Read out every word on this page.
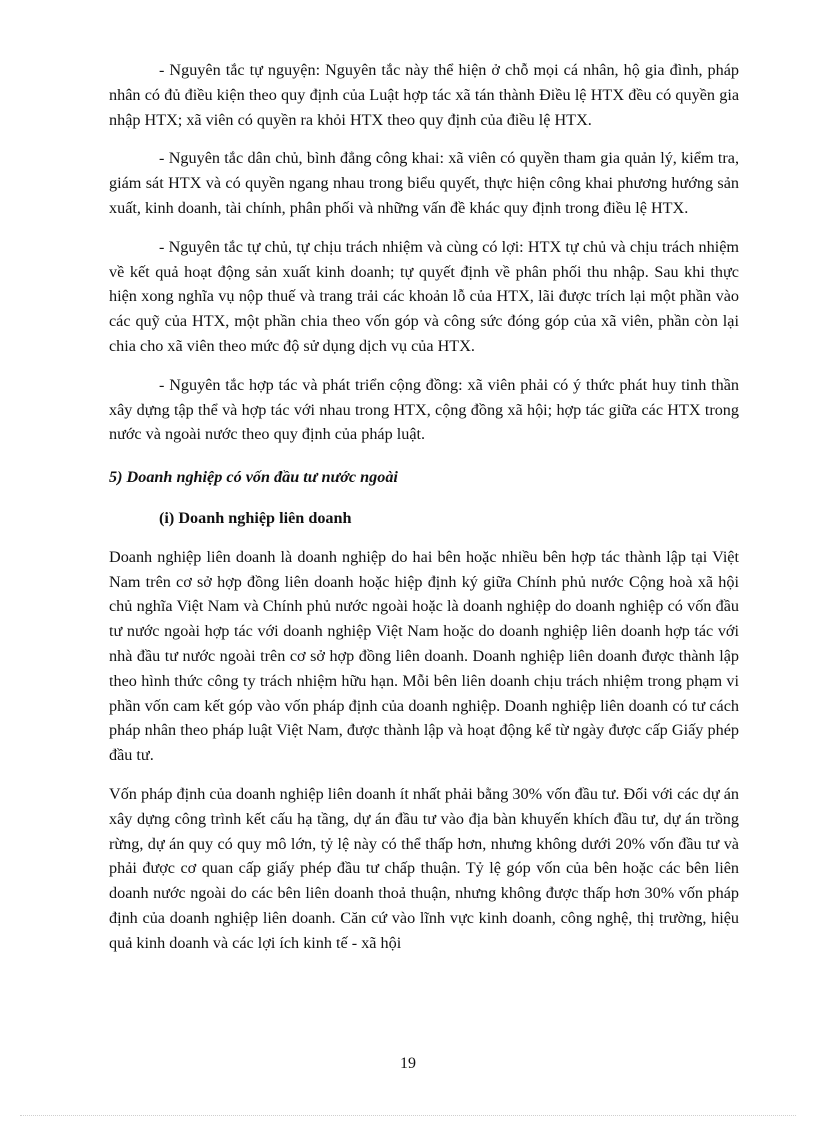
- Nguyên tắc tự nguyện: Nguyên tắc này thể hiện ở chỗ mọi cá nhân, hộ gia đình, pháp nhân có đủ điều kiện theo quy định của Luật hợp tác xã tán thành Điều lệ HTX đều có quyền gia nhập HTX; xã viên có quyền ra khỏi HTX theo quy định của điều lệ HTX.

- Nguyên tắc dân chủ, bình đẳng công khai: xã viên có quyền tham gia quản lý, kiểm tra, giám sát HTX và có quyền ngang nhau trong biểu quyết, thực hiện công khai phương hướng sản xuất, kinh doanh, tài chính, phân phối và những vấn đề khác quy định trong điều lệ HTX.

- Nguyên tắc tự chủ, tự chịu trách nhiệm và cùng có lợi: HTX tự chủ và chịu trách nhiệm về kết quả hoạt động sản xuất kinh doanh; tự quyết định về phân phối thu nhập. Sau khi thực hiện xong nghĩa vụ nộp thuế và trang trải các khoản lỗ của HTX, lãi được trích lại một phần vào các quỹ của HTX, một phần chia theo vốn góp và công sức đóng góp của xã viên, phần còn lại chia cho xã viên theo mức độ sử dụng dịch vụ của HTX.

- Nguyên tắc hợp tác và phát triển cộng đồng: xã viên phải có ý thức phát huy tinh thần xây dựng tập thể và hợp tác với nhau trong HTX, cộng đồng xã hội; hợp tác giữa các HTX trong nước và ngoài nước theo quy định của pháp luật.

5) Doanh nghiệp có vốn đầu tư nước ngoài

(i) Doanh nghiệp liên doanh

Doanh nghiệp liên doanh là doanh nghiệp do hai bên hoặc nhiều bên hợp tác thành lập tại Việt Nam trên cơ sở hợp đồng liên doanh hoặc hiệp định ký giữa Chính phủ nước Cộng hoà xã hội chủ nghĩa Việt Nam và Chính phủ nước ngoài hoặc là doanh nghiệp do doanh nghiệp có vốn đầu tư nước ngoài hợp tác với doanh nghiệp Việt Nam hoặc do doanh nghiệp liên doanh hợp tác với nhà đầu tư nước ngoài trên cơ sở hợp đồng liên doanh. Doanh nghiệp liên doanh được thành lập theo hình thức công ty trách nhiệm hữu hạn. Mỗi bên liên doanh chịu trách nhiệm trong phạm vi phần vốn cam kết góp vào vốn pháp định của doanh nghiệp. Doanh nghiệp liên doanh có tư cách pháp nhân theo pháp luật Việt Nam, được thành lập và hoạt động kể từ ngày được cấp Giấy phép đầu tư.

Vốn pháp định của doanh nghiệp liên doanh ít nhất phải bằng 30% vốn đầu tư. Đối với các dự án xây dựng công trình kết cấu hạ tầng, dự án đầu tư vào địa bàn khuyến khích đầu tư, dự án trồng rừng, dự án quy có quy mô lớn, tỷ lệ này có thể thấp hơn, nhưng không dưới 20% vốn đầu tư và phải được cơ quan cấp giấy phép đầu tư chấp thuận. Tỷ lệ góp vốn của bên hoặc các bên liên doanh nước ngoài do các bên liên doanh thoả thuận, nhưng không được thấp hơn 30% vốn pháp định của doanh nghiệp liên doanh. Căn cứ vào lĩnh vực kinh doanh, công nghệ, thị trường, hiệu quả kinh doanh và các lợi ích kinh tế - xã hội

19
